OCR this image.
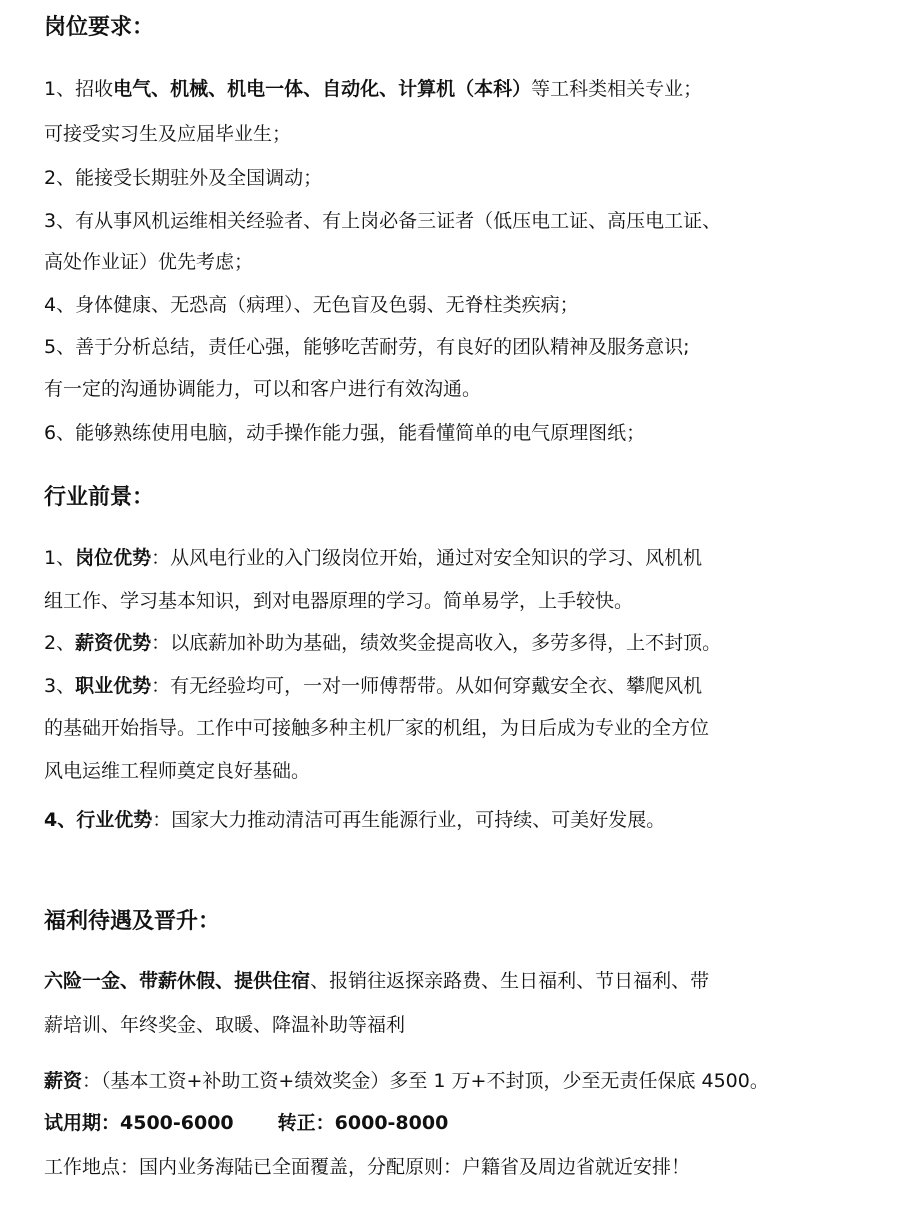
岗位要求：
1、招收电气、机械、机电一体、自动化、计算机（本科）等工科类相关专业；
可接受实习生及应届毕业生；
2、能接受长期驻外及全国调动；
3、有从事风机运维相关经验者、有上岗必备三证者（低压电工证、高压电工证、
高处作业证）优先考虑；
4、身体健康、无恐高（病理）、无色盲及色弱、无脊柱类疾病；
5、善于分析总结，责任心强，能够吃苦耐劳，有良好的团队精神及服务意识;
有一定的沟通协调能力，可以和客户进行有效沟通。
6、能够熟练使用电脑，动手操作能力强，能看懂简单的电气原理图纸；
行业前景：
1、岗位优势：从风电行业的入门级岗位开始，通过对安全知识的学习、风机机
组工作、学习基本知识，到对电器原理的学习。简单易学，上手较快。
2、薪资优势：以底薪加补助为基础，绩效奖金提高收入，多劳多得，上不封顶。
3、职业优势：有无经验均可，一对一师傅帮带。从如何穿戴安全衣、攀爬风机
的基础开始指导。工作中可接触多种主机厂家的机组，为日后成为专业的全方位
风电运维工程师奠定良好基础。
4、行业优势：国家大力推动清洁可再生能源行业，可持续、可美好发展。
福利待遇及晋升：
六险一金、带薪休假、提供住宿、报销往返探亲路费、生日福利、节日福利、带
薪培训、年终奖金、取暖、降温补助等福利
薪资：（基本工资+补助工资+绩效奖金）多至 1 万+不封顶，少至无责任保底 4500。
试用期：4500-6000 转正：6000-8000
工作地点：国内业务海陆已全面覆盖，分配原则：户籍省及周边省就近安排！
